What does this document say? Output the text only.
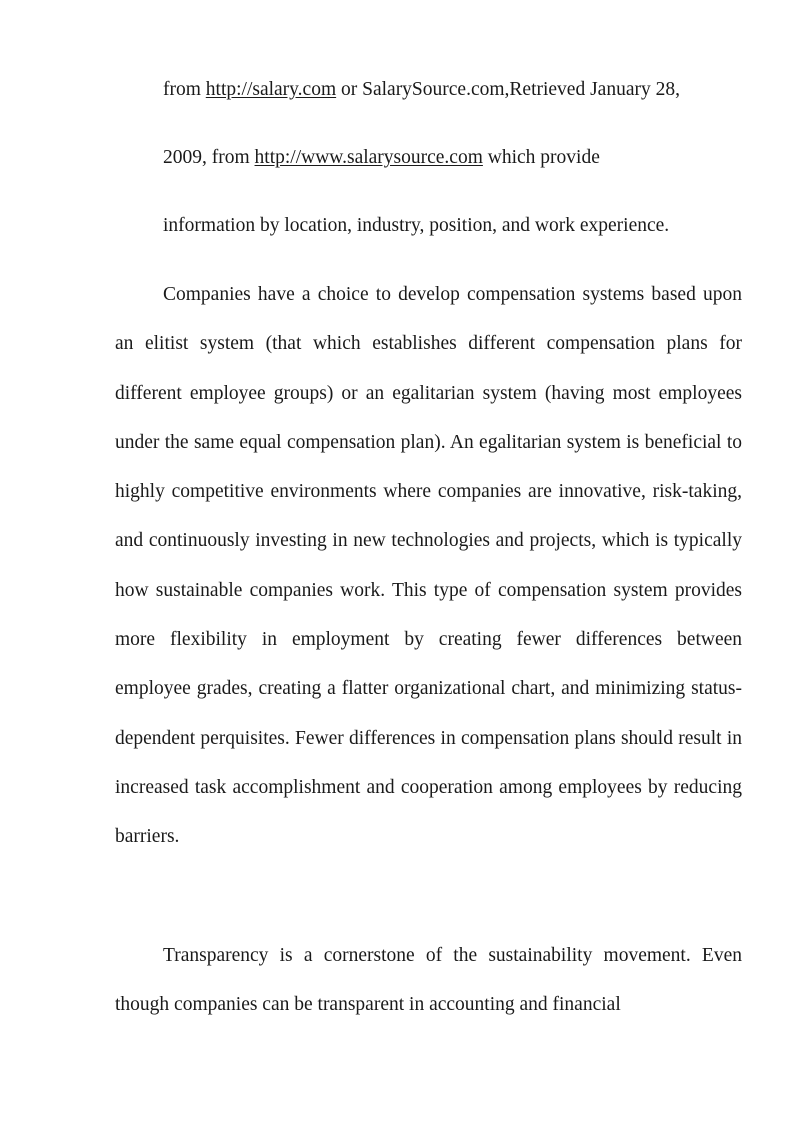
from http://salary.com or SalarySource.com,Retrieved January 28,
2009, from http://www.salarysource.com which provide
information by location, industry, position, and work experience.

Companies have a choice to develop compensation systems based upon an elitist system (that which establishes different compensation plans for different employee groups) or an egalitarian system (having most employees under the same equal compensation plan). An egalitarian system is beneficial to highly competitive environments where companies are innovative, risk-taking, and continuously investing in new technologies and projects, which is typically how sustainable companies work. This type of compensation system provides more flexibility in employment by creating fewer differences between employee grades, creating a flatter organizational chart, and minimizing status-dependent perquisites. Fewer differences in compensation plans should result in increased task accomplishment and cooperation among employees by reducing barriers.

Transparency is a cornerstone of the sustainability movement. Even though companies can be transparent in accounting and financial
